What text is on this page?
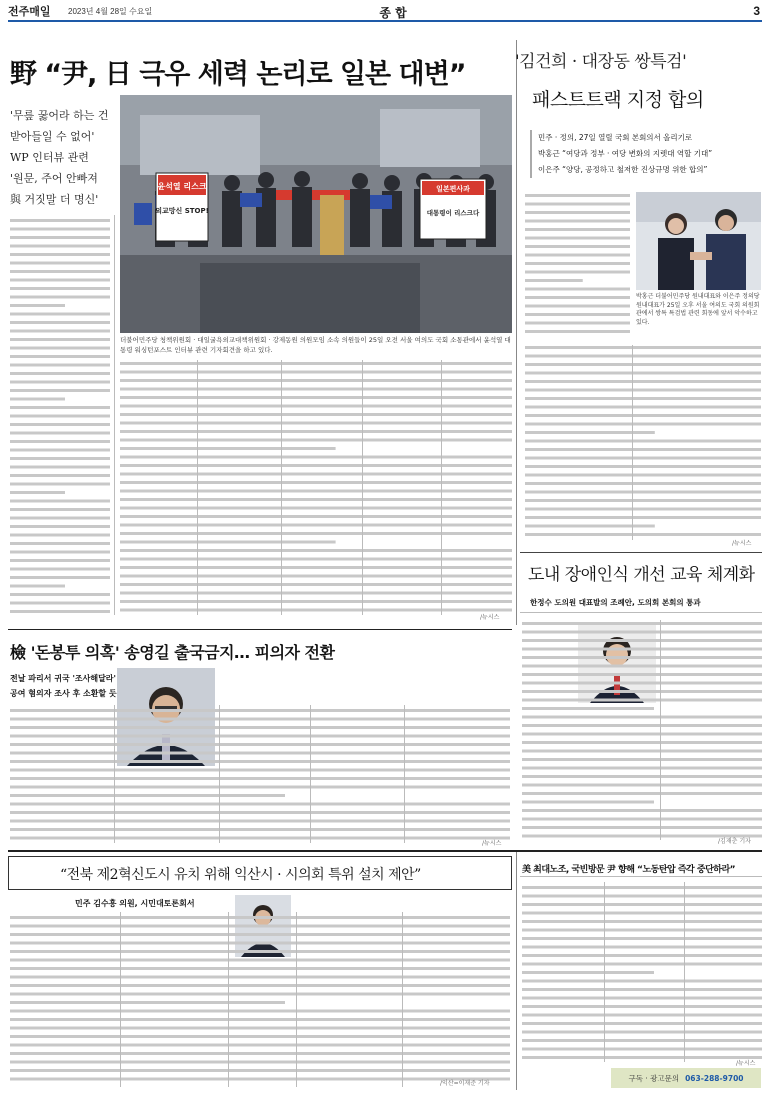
전주매일	2023년 4월 28일 수요일	종 합	3
野 “尹, 日 극우 세력 논리로 일본 대변”
'무릎 꿇어라 하는 건
받아들일 수 없어'
WP 인터뷰 관련
'원문, 주어 안빠져
與 거짓말 더 명신'

윤석열 리스크
외교망신 STOP!
일본편사과
대통령이 리스크다
더불어민주당 청책위원회 · 대일굴욕외교대책위원회 · 강제동원 의원모임 소속 의원들이 25일 오전 서울 여의도 국회 소통관에서 윤석열 대통령 워싱턴포스트 인터뷰 관련 기자회견을 하고 있다.
/뉴시스
'김건희 · 대장동 쌍특검'
패스트트랙 지정 합의
민주 · 정의, 27일 열릴 국회 본회의서 올리기로
박홍근 “여당과 정부 · 여당 변화의 지렛대 역할 기대”
이은주 “양당, 공정하고 철저한 진상규명 위한 합의”
박홍근 더불어민주당 원내대표와 이은주 정의당 원내대표가 25일 오후 서울 여의도 국회 의원회관에서 쌍특 특검법 관련 회동에 앞서 악수하고 있다.
/뉴시스
도내 장애인식 개선 교육 체계화
한정수 도의원 대표발의 조례안, 도의회 본회의 통과
/김재춘 기자
檢 '돈봉투 의혹' 송영길 출국금지… 피의자 전환
전날 파리서 귀국 '조사해달라'
공여 혐의자 조사 후 소환할 듯
/뉴시스
“전북 제2혁신도시 유치 위해 익산시 · 시의회 특위 설치 제안”
민주 김수흥 의원, 시민대토론회서
/익산=이재준 기자
美 최대노조, 국빈방문 尹 향해 “노동탄압 즉각 중단하라”
/뉴시스
구독 · 광고문의 063-288-9700
